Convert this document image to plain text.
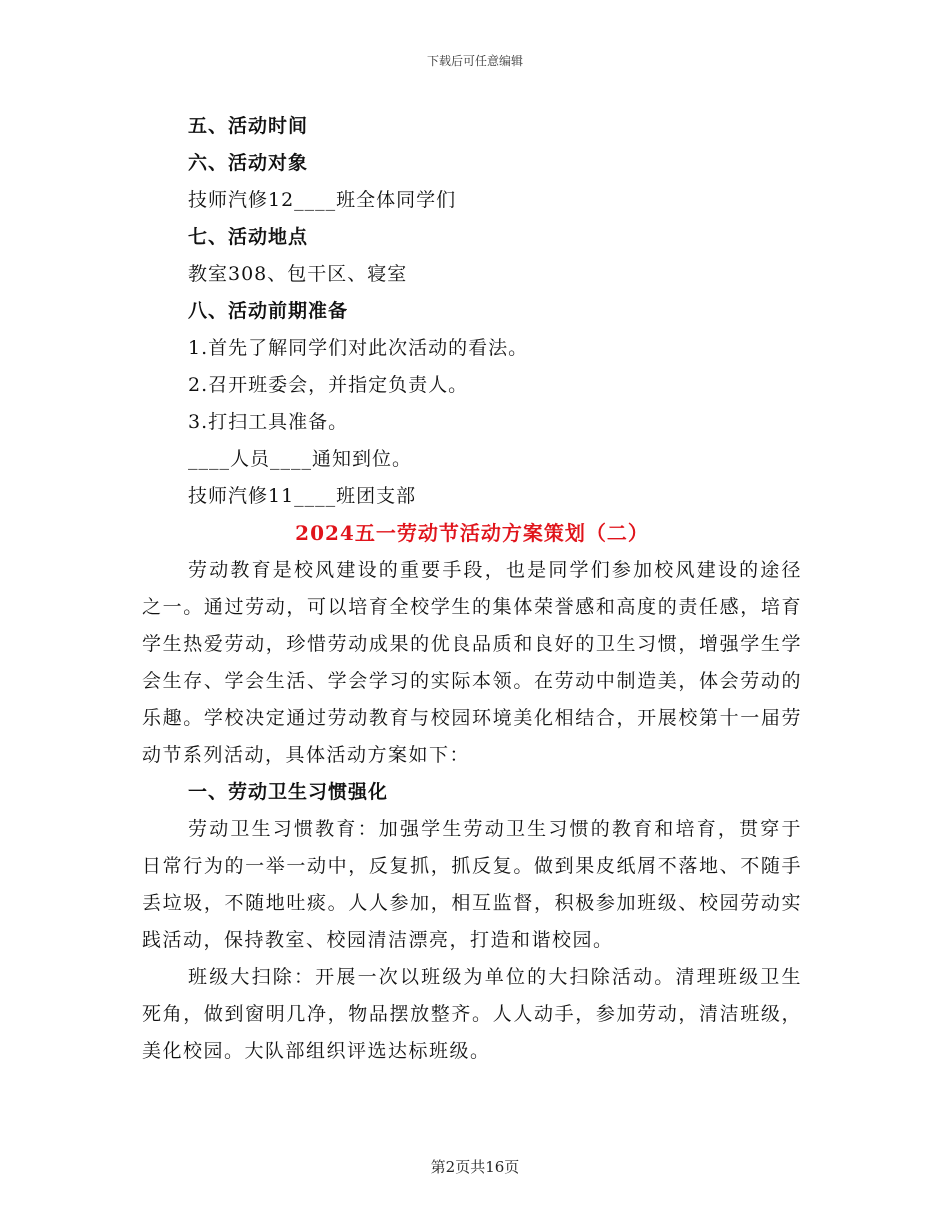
下载后可任意编辑
五、活动时间
六、活动对象
技师汽修12____班全体同学们
七、活动地点
教室308、包干区、寝室
八、活动前期准备
1.首先了解同学们对此次活动的看法。
2.召开班委会，并指定负责人。
3.打扫工具准备。
____人员____通知到位。
技师汽修11____班团支部
2024五一劳动节活动方案策划（二）

劳动教育是校风建设的重要手段，也是同学们参加校风建设的途径之一。通过劳动，可以培育全校学生的集体荣誉感和高度的责任感，培育学生热爱劳动，珍惜劳动成果的优良品质和良好的卫生习惯，增强学生学会生存、学会生活、学会学习的实际本领。在劳动中制造美，体会劳动的乐趣。学校决定通过劳动教育与校园环境美化相结合，开展校第十一届劳动节系列活动，具体活动方案如下：

一、劳动卫生习惯强化

劳动卫生习惯教育：加强学生劳动卫生习惯的教育和培育，贯穿于日常行为的一举一动中，反复抓，抓反复。做到果皮纸屑不落地、不随手丢垃圾，不随地吐痰。人人参加，相互监督，积极参加班级、校园劳动实践活动，保持教室、校园清洁漂亮，打造和谐校园。

班级大扫除：开展一次以班级为单位的大扫除活动。清理班级卫生死角，做到窗明几净，物品摆放整齐。人人动手，参加劳动，清洁班级，美化校园。大队部组织评选达标班级。

第2页共16页
